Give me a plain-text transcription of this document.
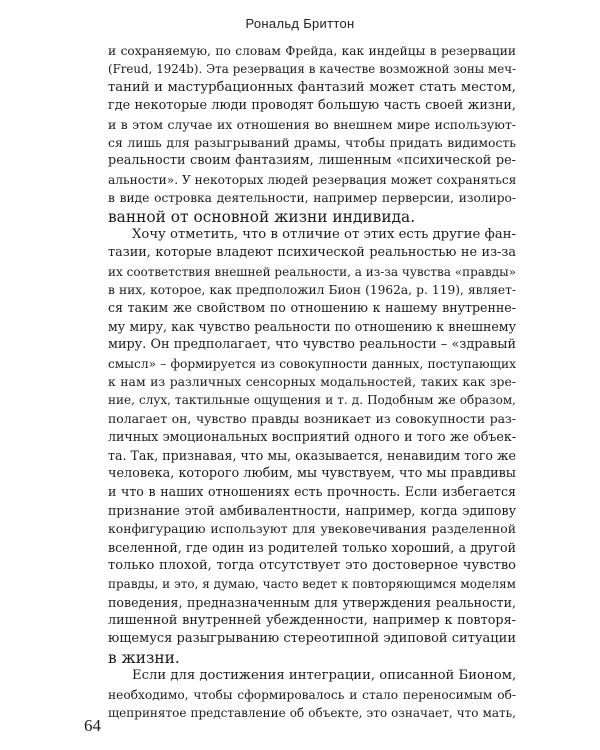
Рональд Бриттон
и сохраняемую, по словам Фрейда, как индейцы в резервации
(Freud, 1924b). Эта резервация в качестве возможной зоны меч-
таний и мастурбационных фантазий может стать местом,
где некоторые люди проводят большую часть своей жизни,
и в этом случае их отношения во внешнем мире используют-
ся лишь для разыгрываний драмы, чтобы придать видимость
реальности своим фантазиям, лишенным «психической ре-
альности». У некоторых людей резервация может сохраняться
в виде островка деятельности, например перверсии, изолиро-
ванной от основной жизни индивида.
Хочу отметить, что в отличие от этих есть другие фан-
тазии, которые владеют психической реальностью не из-за
их соответствия внешней реальности, а из-за чувства «правды»
в них, которое, как предположил Бион (1962а, р. 119), являет-
ся таким же свойством по отношению к нашему внутренне-
му миру, как чувство реальности по отношению к внешнему
миру. Он предполагает, что чувство реальности – «здравый
смысл» – формируется из совокупности данных, поступающих
к нам из различных сенсорных модальностей, таких как зре-
ние, слух, тактильные ощущения и т. д. Подобным же образом,
полагает он, чувство правды возникает из совокупности раз-
личных эмоциональных восприятий одного и того же объек-
та. Так, признавая, что мы, оказывается, ненавидим того же
человека, которого любим, мы чувствуем, что мы правдивы
и что в наших отношениях есть прочность. Если избегается
признание этой амбивалентности, например, когда эдипову
конфигурацию используют для увековечивания разделенной
вселенной, где один из родителей только хороший, а другой
только плохой, тогда отсутствует это достоверное чувство
правды, и это, я думаю, часто ведет к повторяющимся моделям
поведения, предназначенным для утверждения реальности,
лишенной внутренней убежденности, например к повторя-
ющемуся разыгрыванию стереотипной эдиповой ситуации
в жизни.
Если для достижения интеграции, описанной Бионом,
необходимо, чтобы сформировалось и стало переносимым об-
щепринятое представление об объекте, это означает, что мать,
64
